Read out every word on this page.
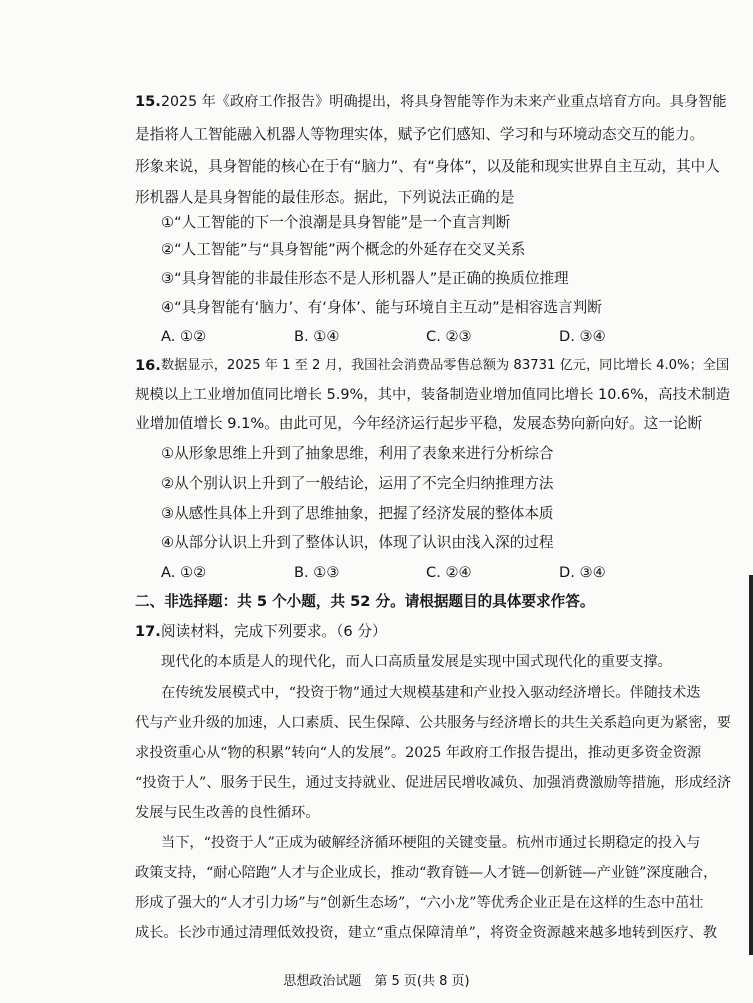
15. 2025 年《政府工作报告》明确提出，将具身智能等作为未来产业重点培育方向。具身智能
是指将人工智能融入机器人等物理实体，赋予它们感知、学习和与环境动态交互的能力。
形象来说，具身智能的核心在于有“脑力”、有“身体”，以及能和现实世界自主互动，其中人
形机器人是具身智能的最佳形态。据此，下列说法正确的是
①“人工智能的下一个浪潮是具身智能”是一个直言判断
②“人工智能”与“具身智能”两个概念的外延存在交叉关系
③“具身智能的非最佳形态不是人形机器人”是正确的换质位推理
④“具身智能有‘脑力’、有‘身体’、能与环境自主互动”是相容选言判断
A. ①②	B. ①④	C. ②③	D. ③④
16. 数据显示，2025 年 1 至 2 月，我国社会消费品零售总额为 83731 亿元，同比增长 4.0%；全国
规模以上工业增加值同比增长 5.9%，其中，装备制造业增加值同比增长 10.6%，高技术制造
业增加值增长 9.1%。由此可见，今年经济运行起步平稳，发展态势向新向好。这一论断
①从形象思维上升到了抽象思维，利用了表象来进行分析综合
②从个别认识上升到了一般结论，运用了不完全归纳推理方法
③从感性具体上升到了思维抽象，把握了经济发展的整体本质
④从部分认识上升到了整体认识，体现了认识由浅入深的过程
A. ①②	B. ①③	C. ②④	D. ③④
二、非选择题：共 5 个小题，共 52 分。请根据题目的具体要求作答。
17. 阅读材料，完成下列要求。（6 分）
现代化的本质是人的现代化，而人口高质量发展是实现中国式现代化的重要支撑。
在传统发展模式中，“投资于物”通过大规模基建和产业投入驱动经济增长。伴随技术迭
代与产业升级的加速，人口素质、民生保障、公共服务与经济增长的共生关系趋向更为紧密，要
求投资重心从“物的积累”转向“人的发展”。2025 年政府工作报告提出，推动更多资金资源
“投资于人”、服务于民生，通过支持就业、促进居民增收减负、加强消费激励等措施，形成经济
发展与民生改善的良性循环。
当下，“投资于人”正成为破解经济循环梗阻的关键变量。杭州市通过长期稳定的投入与
政策支持，“耐心陪跑”人才与企业成长，推动“教育链—人才链—创新链—产业链”深度融合，
形成了强大的“人才引力场”与“创新生态场”，“六小龙”等优秀企业正是在这样的生态中茁壮
成长。长沙市通过清理低效投资，建立“重点保障清单”，将资金资源越来越多地转到医疗、教
思想政治试题　第 5 页(共 8 页)
